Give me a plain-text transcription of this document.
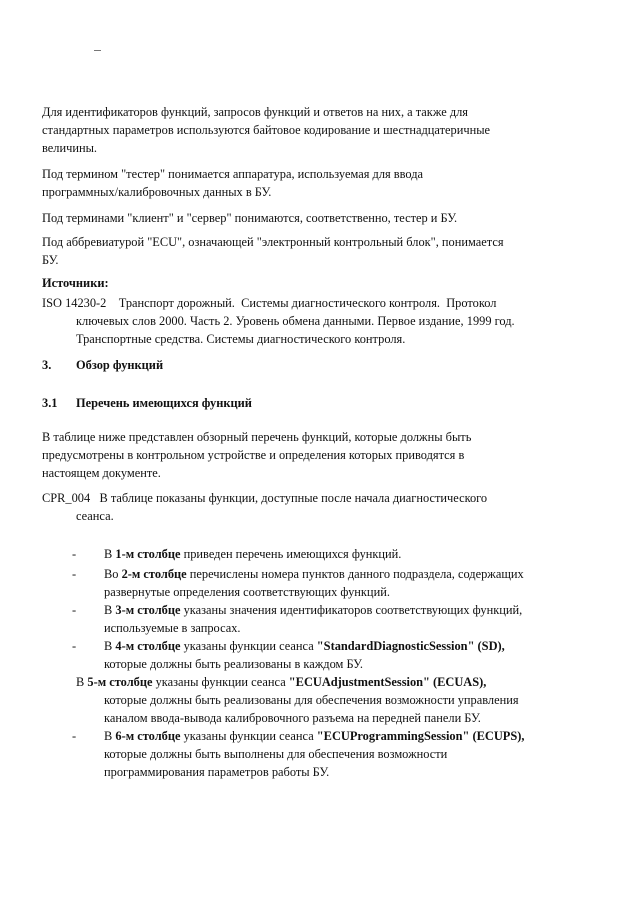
Для идентификаторов функций, запросов функций и ответов на них, а также для
стандартных параметров используются байтовое кодирование и шестнадцатеричные
величины.
Под термином "тестер" понимается аппаратура, используемая для ввода
программных/калибровочных данных в БУ.
Под терминами "клиент" и "сервер" понимаются, соответственно, тестер и БУ.
Под аббревиатурой "ECU", означающей "электронный контрольный блок", понимается
БУ.
Источники:
ISO 14230-2    Транспорт дорожный.  Системы диагностического контроля.  Протокол
ключевых слов 2000. Часть 2. Уровень обмена данными. Первое издание, 1999 год.
Транспортные средства. Системы диагностического контроля.
3. Обзор функций
3.1 Перечень имеющихся функций
В таблице ниже представлен обзорный перечень функций, которые должны быть
предусмотрены в контрольном устройстве и определения которых приводятся в
настоящем документе.
CPR_004   В таблице показаны функции, доступные после начала диагностического
сеанса.
- В 1-м столбце приведен перечень имеющихся функций.
- Во 2-м столбце перечислены номера пунктов данного подраздела, содержащих
развернутые определения соответствующих функций.
- В 3-м столбце указаны значения идентификаторов соответствующих функций,
используемые в запросах.
- В 4-м столбце указаны функции сеанса "StandardDiagnosticSession" (SD),
которые должны быть реализованы в каждом БУ.
В 5-м столбце указаны функции сеанса "ECUAdjustmentSession" (ECUAS),
которые должны быть реализованы для обеспечения возможности управления
каналом ввода-вывода калибровочного разъема на передней панели БУ.
- В 6-м столбце указаны функции сеанса "ECUProgrammingSession" (ECUPS),
которые должны быть выполнены для обеспечения возможности
программирования параметров работы БУ.
